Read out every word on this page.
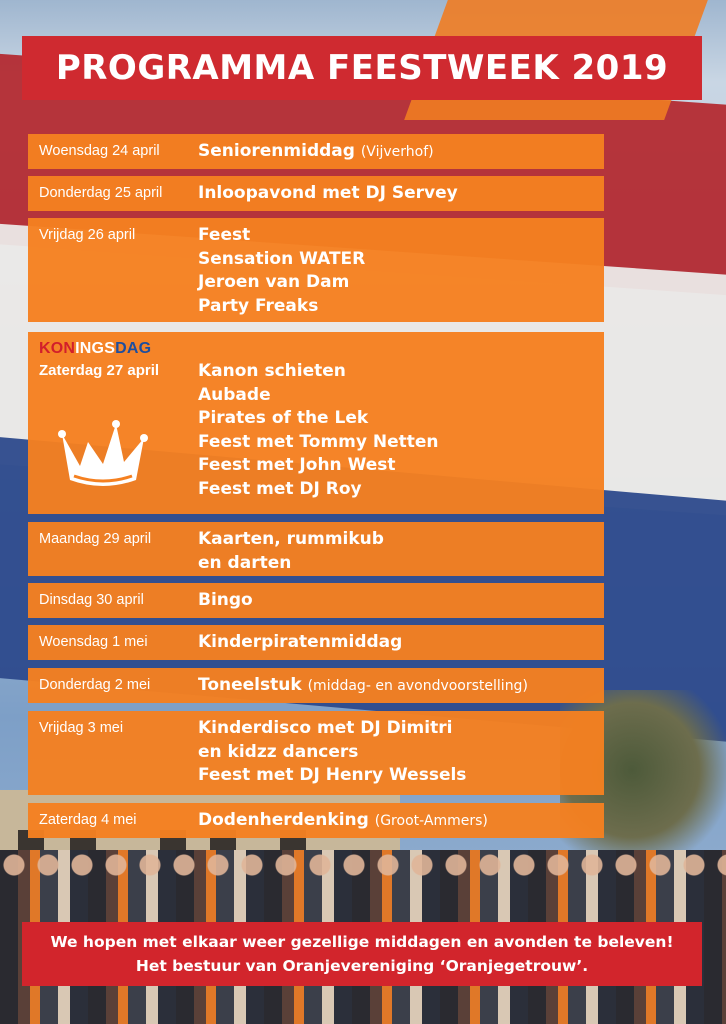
PROGRAMMA FEESTWEEK 2019
Woensdag 24 april	Seniorenmiddag (Vijverhof)
Donderdag 25 april	Inloopavond met DJ Servey
Vrijdag 26 april	Feest
Sensation WATER
Jeroen van Dam
Party Freaks
KONINGSDAG
Zaterdag 27 april Kanon schieten
Aubade
Pirates of the Lek
Feest met Tommy Netten
Feest met John West
Feest met DJ Roy
Maandag 29 april	Kaarten, rummikub
en darten
Dinsdag 30 april	Bingo
Woensdag 1 mei	Kinderpiratenmiddag
Donderdag 2 mei	Toneelstuk (middag- en avondvoorstelling)
Vrijdag 3 mei	Kinderdisco met DJ Dimitri
en kidzz dancers
Feest met DJ Henry Wessels
Zaterdag 4 mei	Dodenherdenking (Groot-Ammers)
We hopen met elkaar weer gezellige middagen en avonden te beleven!
Het bestuur van Oranjevereniging ‘Oranjegetrouw’.
